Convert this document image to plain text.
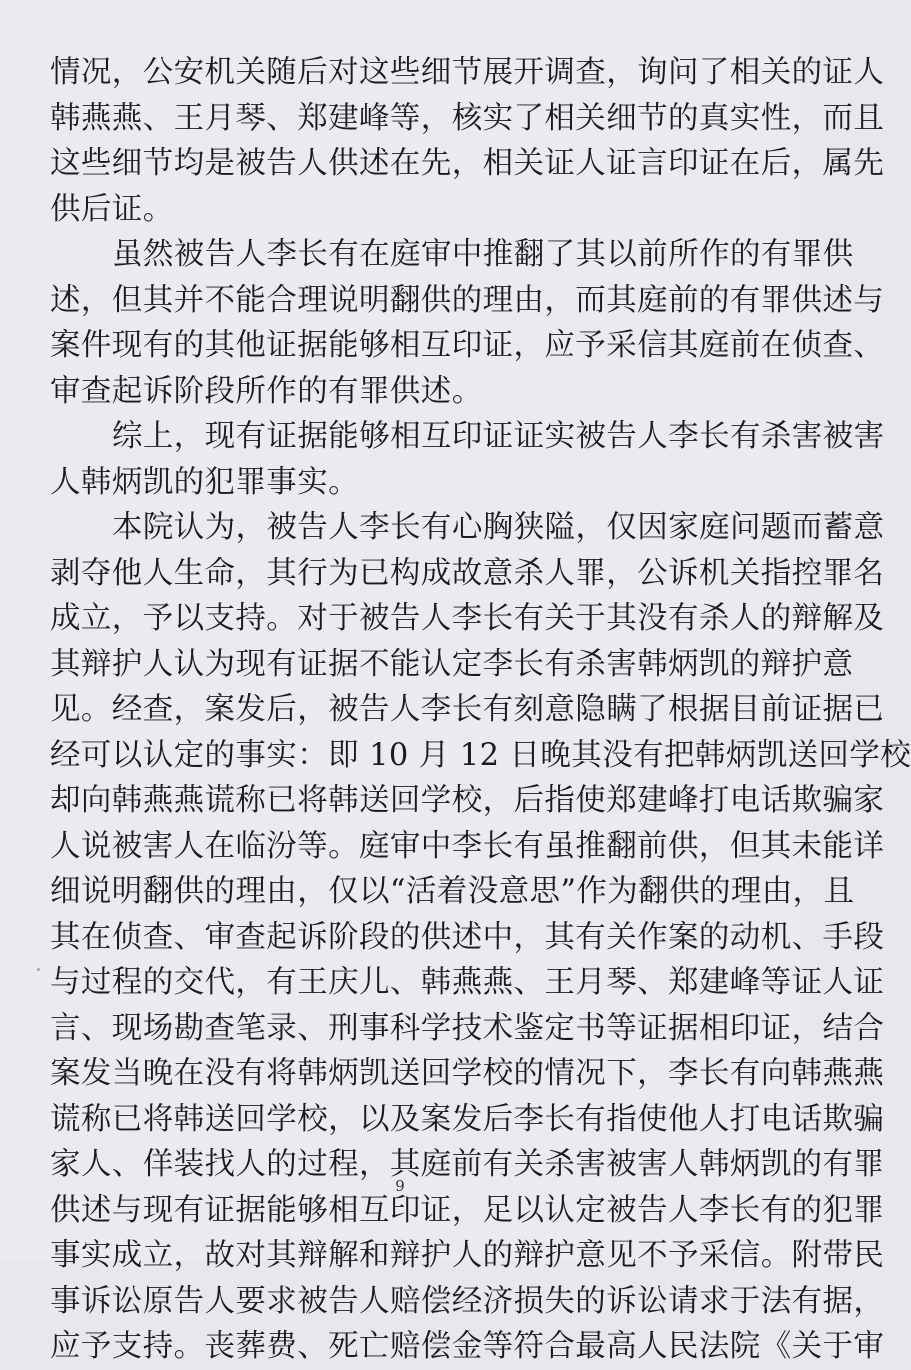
情况，公安机关随后对这些细节展开调查，询问了相关的证人
韩燕燕、王月琴、郑建峰等，核实了相关细节的真实性，而且
这些细节均是被告人供述在先，相关证人证言印证在后，属先
供后证。
虽然被告人李长有在庭审中推翻了其以前所作的有罪供
述，但其并不能合理说明翻供的理由，而其庭前的有罪供述与
案件现有的其他证据能够相互印证，应予采信其庭前在侦查、
审查起诉阶段所作的有罪供述。
综上，现有证据能够相互印证证实被告人李长有杀害被害
人韩炳凯的犯罪事实。
本院认为，被告人李长有心胸狭隘，仅因家庭问题而蓄意
剥夺他人生命，其行为已构成故意杀人罪，公诉机关指控罪名
成立，予以支持。对于被告人李长有关于其没有杀人的辩解及
其辩护人认为现有证据不能认定李长有杀害韩炳凯的辩护意
见。经查，案发后，被告人李长有刻意隐瞒了根据目前证据已
经可以认定的事实：即 10 月 12 日晚其没有把韩炳凯送回学校
却向韩燕燕谎称已将韩送回学校，后指使郑建峰打电话欺骗家
人说被害人在临汾等。庭审中李长有虽推翻前供，但其未能详
细说明翻供的理由，仅以“活着没意思”作为翻供的理由，且
其在侦查、审查起诉阶段的供述中，其有关作案的动机、手段
与过程的交代，有王庆儿、韩燕燕、王月琴、郑建峰等证人证
言、现场勘查笔录、刑事科学技术鉴定书等证据相印证，结合
案发当晚在没有将韩炳凯送回学校的情况下，李长有向韩燕燕
谎称已将韩送回学校，以及案发后李长有指使他人打电话欺骗
家人、佯装找人的过程，其庭前有关杀害被害人韩炳凯的有罪
供述与现有证据能够相互印证，足以认定被告人李长有的犯罪
事实成立，故对其辩解和辩护人的辩护意见不予采信。附带民
事诉讼原告人要求被告人赔偿经济损失的诉讼请求于法有据，
应予支持。丧葬费、死亡赔偿金等符合最高人民法院《关于审
9
